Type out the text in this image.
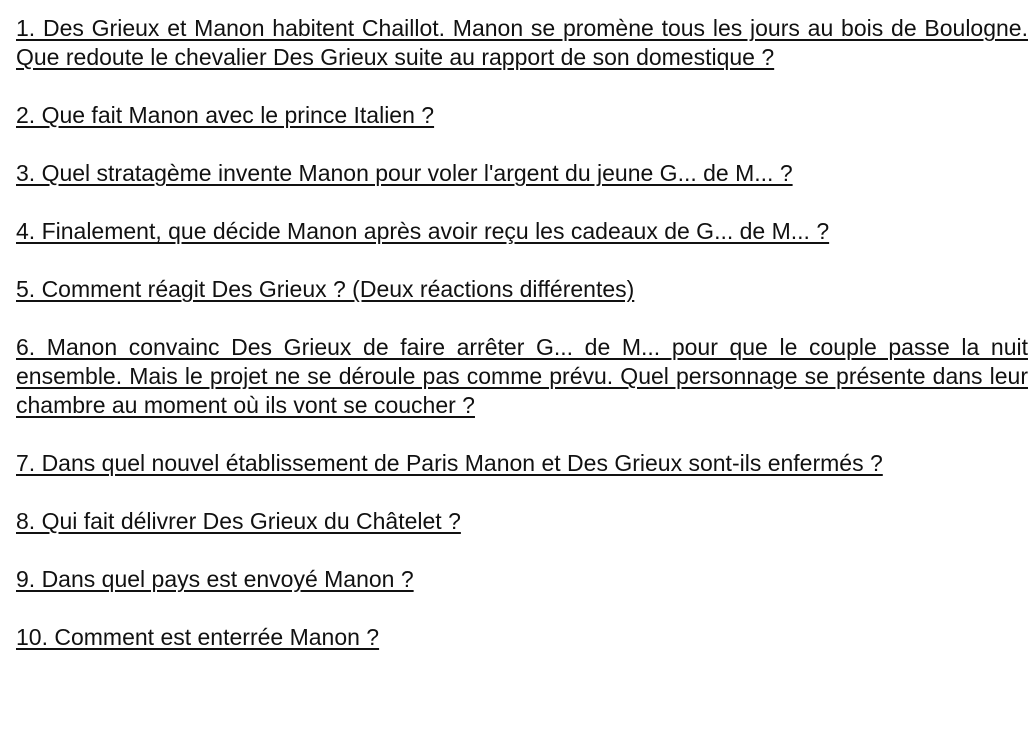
1. Des Grieux et Manon habitent Chaillot. Manon se promène tous les jours au bois de Boulogne. Que redoute le chevalier Des Grieux suite au rapport de son domestique ?

2. Que fait Manon avec le prince Italien ?

3. Quel stratagème invente Manon pour voler l'argent du jeune G... de M... ?

4. Finalement, que décide Manon après avoir reçu les cadeaux de G... de M... ?

5. Comment réagit Des Grieux ? (Deux réactions différentes)

6. Manon convainc Des Grieux de faire arrêter G... de M... pour que le couple passe la nuit ensemble. Mais le projet ne se déroule pas comme prévu. Quel personnage se présente dans leur chambre au moment où ils vont se coucher ?

7. Dans quel nouvel établissement de Paris Manon et Des Grieux sont-ils enfermés ?

8. Qui fait délivrer Des Grieux du Châtelet ?

9. Dans quel pays est envoyé Manon ?

10. Comment est enterrée Manon ?
